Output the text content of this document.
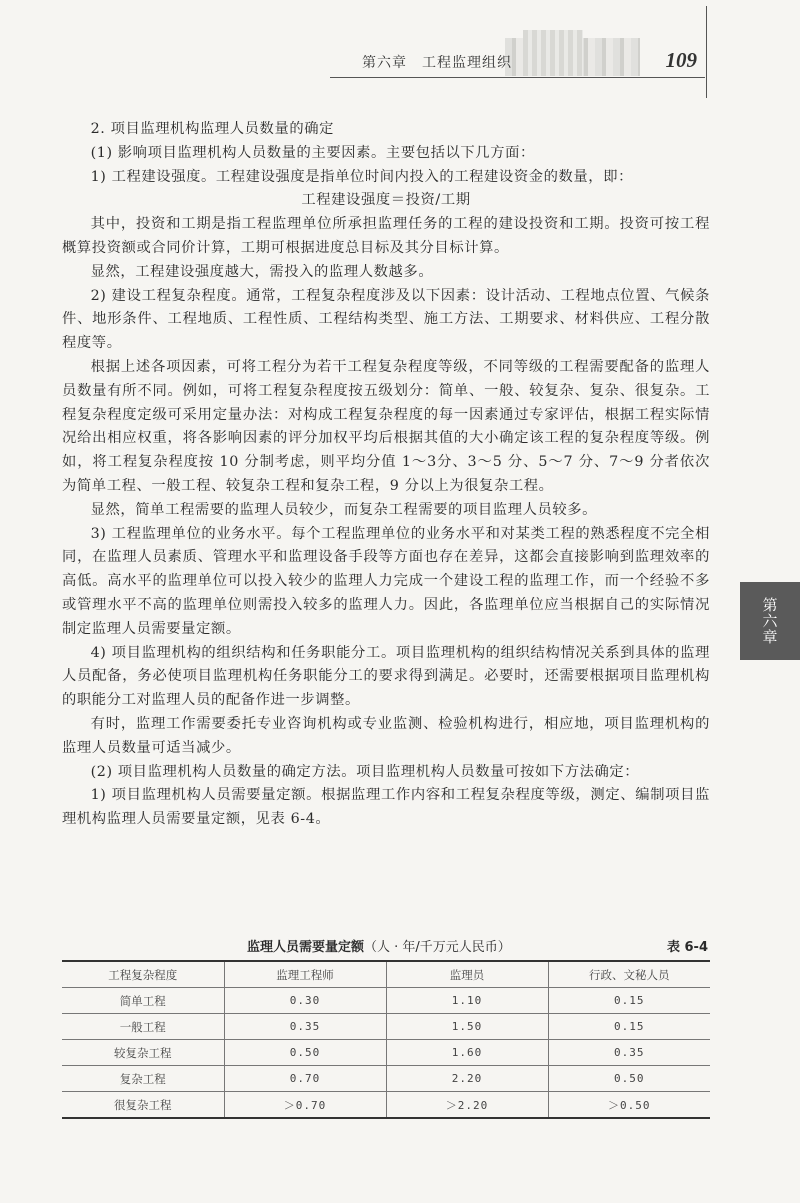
第六章　工程监理组织	109

2. 项目监理机构监理人员数量的确定

(1) 影响项目监理机构人员数量的主要因素。主要包括以下几方面：

1) 工程建设强度。工程建设强度是指单位时间内投入的工程建设资金的数量，即：

工程建设强度＝投资/工期

其中，投资和工期是指工程监理单位所承担监理任务的工程的建设投资和工期。投资可按工程概算投资额或合同价计算，工期可根据进度总目标及其分目标计算。

显然，工程建设强度越大，需投入的监理人数越多。

2) 建设工程复杂程度。通常，工程复杂程度涉及以下因素：设计活动、工程地点位置、气候条件、地形条件、工程地质、工程性质、工程结构类型、施工方法、工期要求、材料供应、工程分散程度等。

根据上述各项因素，可将工程分为若干工程复杂程度等级，不同等级的工程需要配备的监理人员数量有所不同。例如，可将工程复杂程度按五级划分：简单、一般、较复杂、复杂、很复杂。工程复杂程度定级可采用定量办法：对构成工程复杂程度的每一因素通过专家评估，根据工程实际情况给出相应权重，将各影响因素的评分加权平均后根据其值的大小确定该工程的复杂程度等级。例如，将工程复杂程度按 10 分制考虑，则平均分值 1～3分、3～5 分、5～7 分、7～9 分者依次为简单工程、一般工程、较复杂工程和复杂工程，9 分以上为很复杂工程。

显然，简单工程需要的监理人员较少，而复杂工程需要的项目监理人员较多。

3) 工程监理单位的业务水平。每个工程监理单位的业务水平和对某类工程的熟悉程度不完全相同，在监理人员素质、管理水平和监理设备手段等方面也存在差异，这都会直接影响到监理效率的高低。高水平的监理单位可以投入较少的监理人力完成一个建设工程的监理工作，而一个经验不多或管理水平不高的监理单位则需投入较多的监理人力。因此，各监理单位应当根据自己的实际情况制定监理人员需要量定额。

4) 项目监理机构的组织结构和任务职能分工。项目监理机构的组织结构情况关系到具体的监理人员配备，务必使项目监理机构任务职能分工的要求得到满足。必要时，还需要根据项目监理机构的职能分工对监理人员的配备作进一步调整。

有时，监理工作需要委托专业咨询机构或专业监测、检验机构进行，相应地，项目监理机构的监理人员数量可适当减少。

(2) 项目监理机构人员数量的确定方法。项目监理机构人员数量可按如下方法确定：

1) 项目监理机构人员需要量定额。根据监理工作内容和工程复杂程度等级，测定、编制项目监理机构监理人员需要量定额，见表 6-4。

第六章
监理人员需要量定额（人 · 年/千万元人民币）	表 6-4
工程复杂程度	监理工程师	监理员	行政、文秘人员
简单工程	0.30	1.10	0.15
一般工程	0.35	1.50	0.15
较复杂工程	0.50	1.60	0.35
复杂工程	0.70	2.20	0.50
很复杂工程	＞0.70	＞2.20	＞0.50
